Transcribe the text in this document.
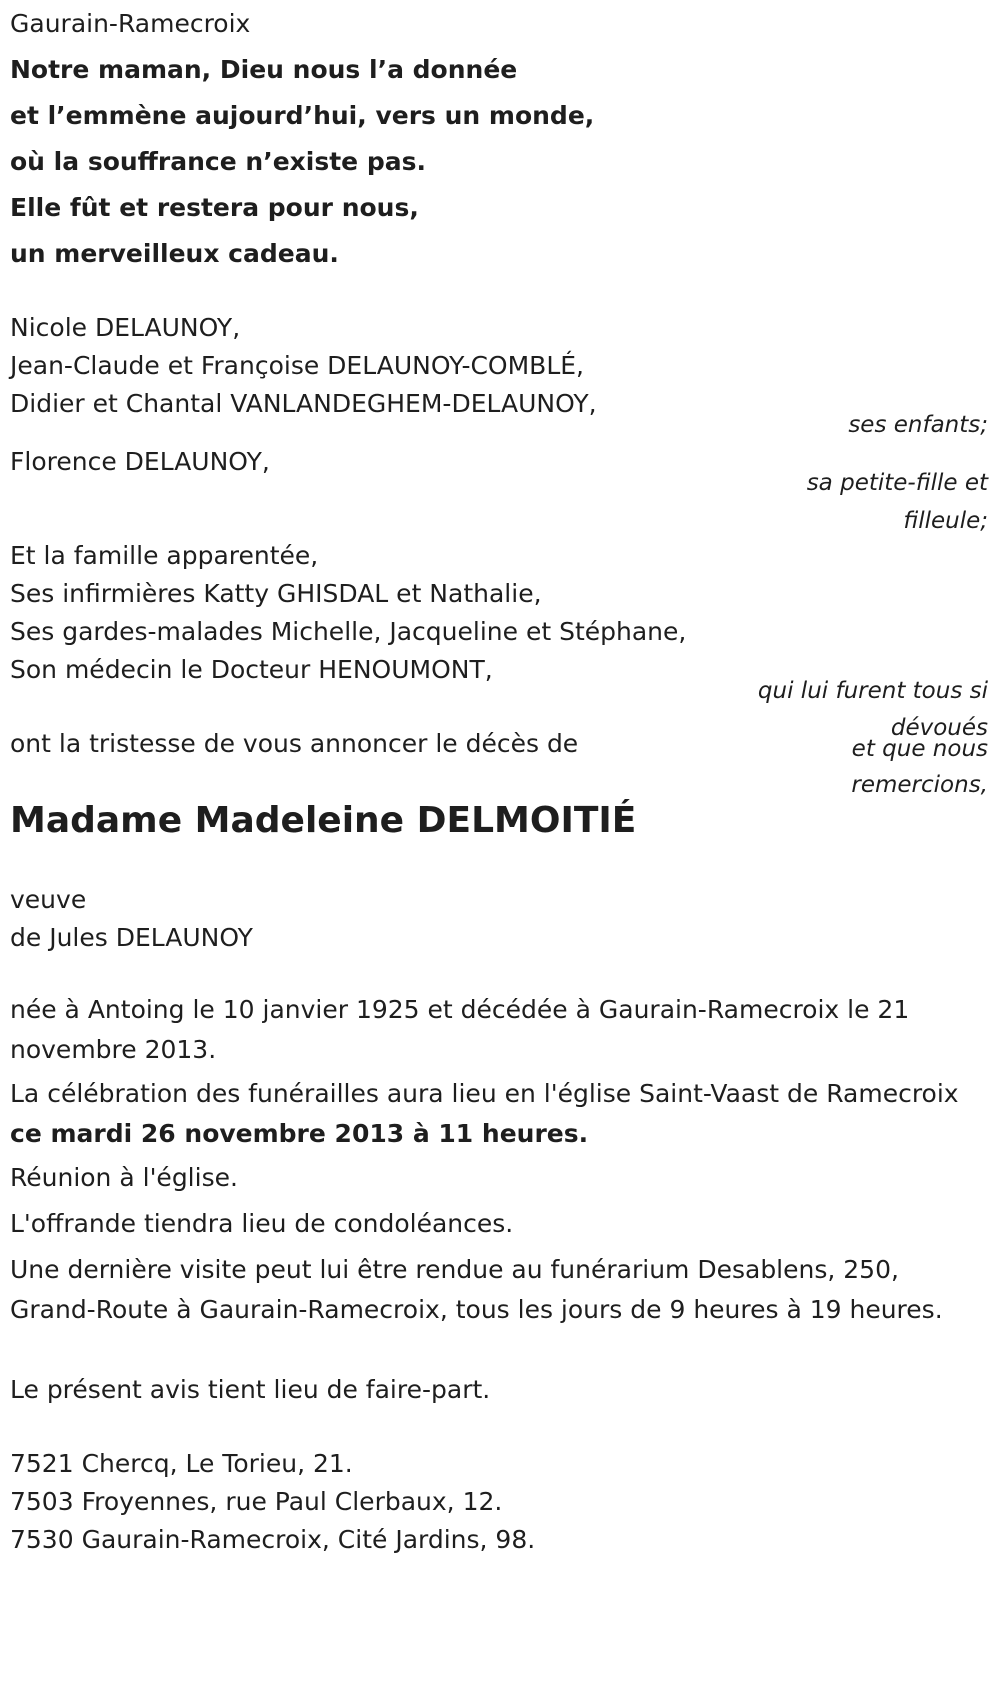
Gaurain-Ramecroix
Notre maman, Dieu nous l’a donnée
et l’emmène aujourd’hui, vers un monde,
où la souffrance n’existe pas.
Elle fût et restera pour nous,
un merveilleux cadeau.
Nicole DELAUNOY,
Jean-Claude et Françoise DELAUNOY-COMBLÉ,
Didier et Chantal VANLANDEGHEM-DELAUNOY,
ses enfants;
Florence DELAUNOY,
sa petite-fille et
filleule;
Et la famille apparentée,
Ses infirmières Katty GHISDAL et Nathalie,
Ses gardes-malades Michelle, Jacqueline et Stéphane,
Son médecin le Docteur HENOUMONT,
qui lui furent tous si
dévoués
et que nous
remercions,
ont la tristesse de vous annoncer le décès de
Madame Madeleine DELMOITIÉ
veuve
de Jules DELAUNOY
née à Antoing le 10 janvier 1925 et décédée à Gaurain-Ramecroix le 21 novembre 2013.
La célébration des funérailles aura lieu en l'église Saint-Vaast de Ramecroix ce mardi 26 novembre 2013 à 11 heures.
Réunion à l'église.
L'offrande tiendra lieu de condoléances.
Une dernière visite peut lui être rendue au funérarium Desablens, 250, Grand-Route à Gaurain-Ramecroix, tous les jours de 9 heures à 19 heures.
Le présent avis tient lieu de faire-part.
7521 Chercq, Le Torieu, 21.
7503 Froyennes, rue Paul Clerbaux, 12.
7530 Gaurain-Ramecroix, Cité Jardins, 98.
